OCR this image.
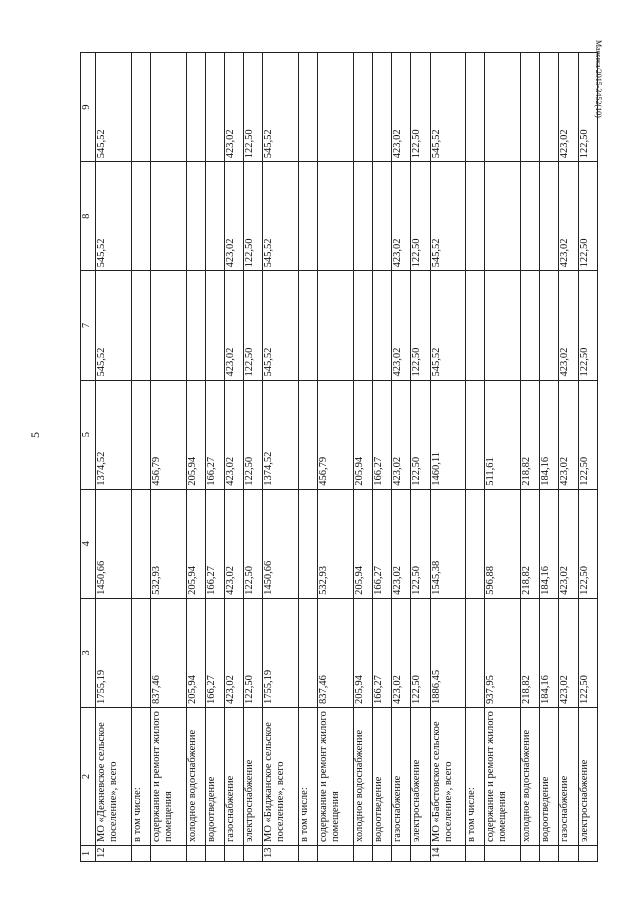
5
Maesesa/2015-3452(10)
1	2	3	4	5	7	8	9
12	МО «Дежневское сельское поселение», всего	1755,19	1450,66	1374,52	545,52	545,52	545,52
	в том числе:						
	содержание и ремонт жилого помещения	837,46	532,93	456,79			
	холодное водоснабжение	205,94	205,94	205,94			
	водоотведение	166,27	166,27	166,27			
	газоснабжение	423,02	423,02	423,02	423,02	423,02	423,02
	электроснабжение	122,50	122,50	122,50	122,50	122,50	122,50
13	МО «Биджанское сельское поселение», всего	1755,19	1450,66	1374,52	545,52	545,52	545,52
	в том числе:						
	содержание и ремонт жилого помещения	837,46	532,93	456,79			
	холодное водоснабжение	205,94	205,94	205,94			
	водоотведение	166,27	166,27	166,27			
	газоснабжение	423,02	423,02	423,02	423,02	423,02	423,02
	электроснабжение	122,50	122,50	122,50	122,50	122,50	122,50
14	МО «Бабстовское сельское поселение», всего	1886,45	1545,38	1460,11	545,52	545,52	545,52
	в том числе:						
	содержание и ремонт жилого помещения	937,95	596,88	511,61			
	холодное водоснабжение	218,82	218,82	218,82			
	водоотведение	184,16	184,16	184,16			
	газоснабжение	423,02	423,02	423,02	423,02	423,02	423,02
	электроснабжение	122,50	122,50	122,50	122,50	122,50	122,50
